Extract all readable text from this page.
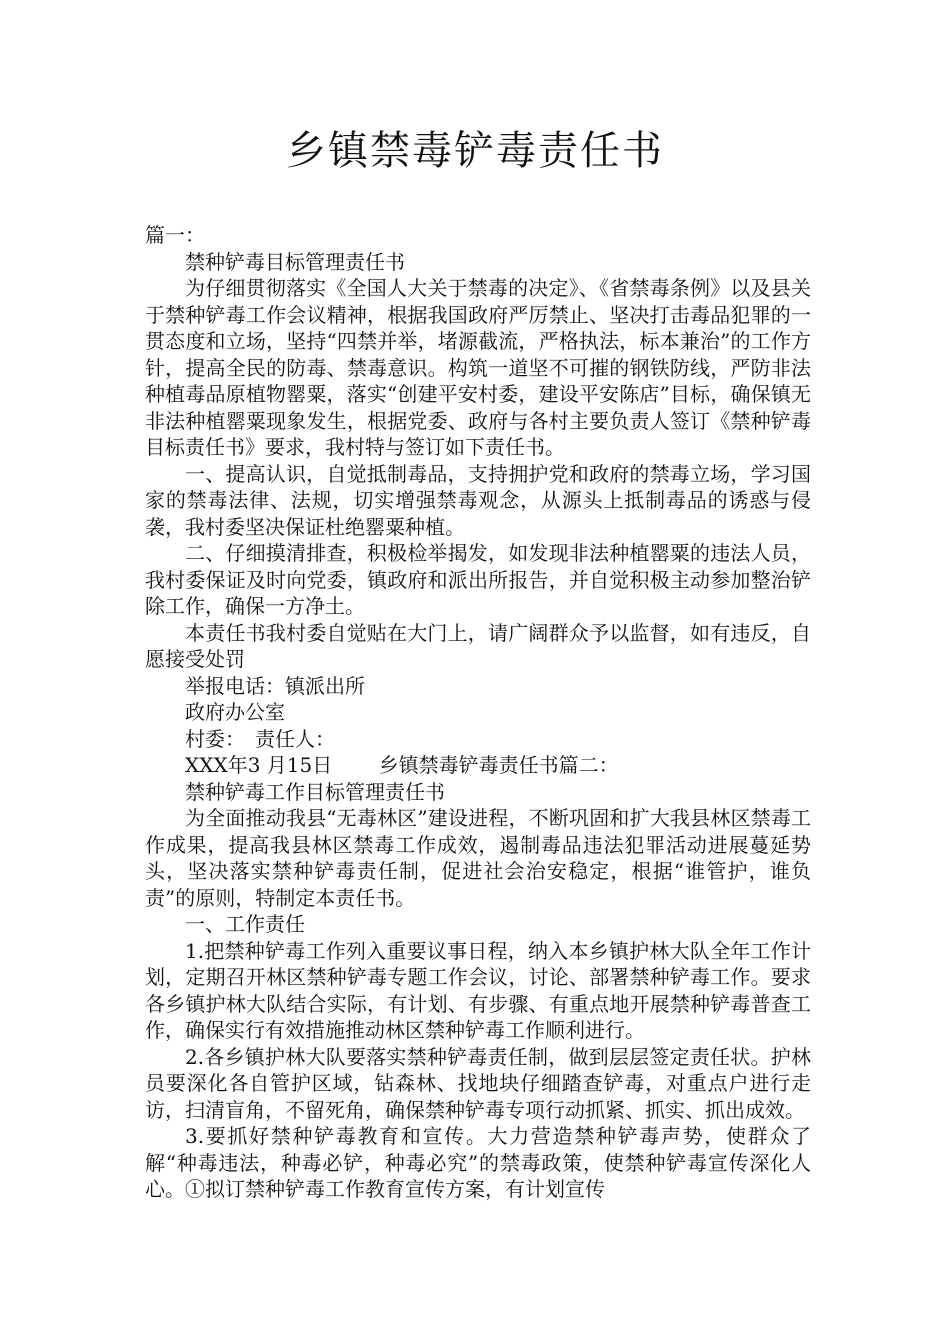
乡镇禁毒铲毒责任书

篇一：

禁种铲毒目标管理责任书

为仔细贯彻落实《全国人大关于禁毒的决定》、《省禁毒条例》以及县关于禁种铲毒工作会议精神，根据我国政府严厉禁止、坚决打击毒品犯罪的一贯态度和立场，坚持“四禁并举，堵源截流，严格执法，标本兼治”的工作方针，提高全民的防毒、禁毒意识。构筑一道坚不可摧的钢铁防线，严防非法种植毒品原植物罂粟，落实“创建平安村委，建设平安陈店”目标，确保镇无非法种植罂粟现象发生，根据党委、政府与各村主要负责人签订《禁种铲毒目标责任书》要求，我村特与签订如下责任书。

一、提高认识，自觉抵制毒品，支持拥护党和政府的禁毒立场，学习国家的禁毒法律、法规，切实增强禁毒观念，从源头上抵制毒品的诱惑与侵袭，我村委坚决保证杜绝罂粟种植。

二、仔细摸清排查，积极检举揭发，如发现非法种植罂粟的违法人员，我村委保证及时向党委，镇政府和派出所报告，并自觉积极主动参加整治铲除工作，确保一方净土。

本责任书我村委自觉贴在大门上，请广阔群众予以监督，如有违反，自愿接受处罚

举报电话：镇派出所

政府办公室

村委：　责任人：

XXX年3 月15日　　 乡镇禁毒铲毒责任书篇二：

禁种铲毒工作目标管理责任书

为全面推动我县“无毒林区”建设进程，不断巩固和扩大我县林区禁毒工作成果，提高我县林区禁毒工作成效，遏制毒品违法犯罪活动进展蔓延势头，坚决落实禁种铲毒责任制，促进社会治安稳定，根据“谁管护，谁负责”的原则，特制定本责任书。

一、工作责任

1.把禁种铲毒工作列入重要议事日程，纳入本乡镇护林大队全年工作计划，定期召开林区禁种铲毒专题工作会议，讨论、部署禁种铲毒工作。要求各乡镇护林大队结合实际，有计划、有步骤、有重点地开展禁种铲毒普查工作，确保实行有效措施推动林区禁种铲毒工作顺利进行。

2.各乡镇护林大队要落实禁种铲毒责任制，做到层层签定责任状。护林员要深化各自管护区域，钻森林、找地块仔细踏查铲毒，对重点户进行走访，扫清盲角，不留死角，确保禁种铲毒专项行动抓紧、抓实、抓出成效。

3.要抓好禁种铲毒教育和宣传。大力营造禁种铲毒声势，使群众了解“种毒违法，种毒必铲，种毒必究”的禁毒政策，使禁种铲毒宣传深化人心。①拟订禁种铲毒工作教育宣传方案，有计划宣传
